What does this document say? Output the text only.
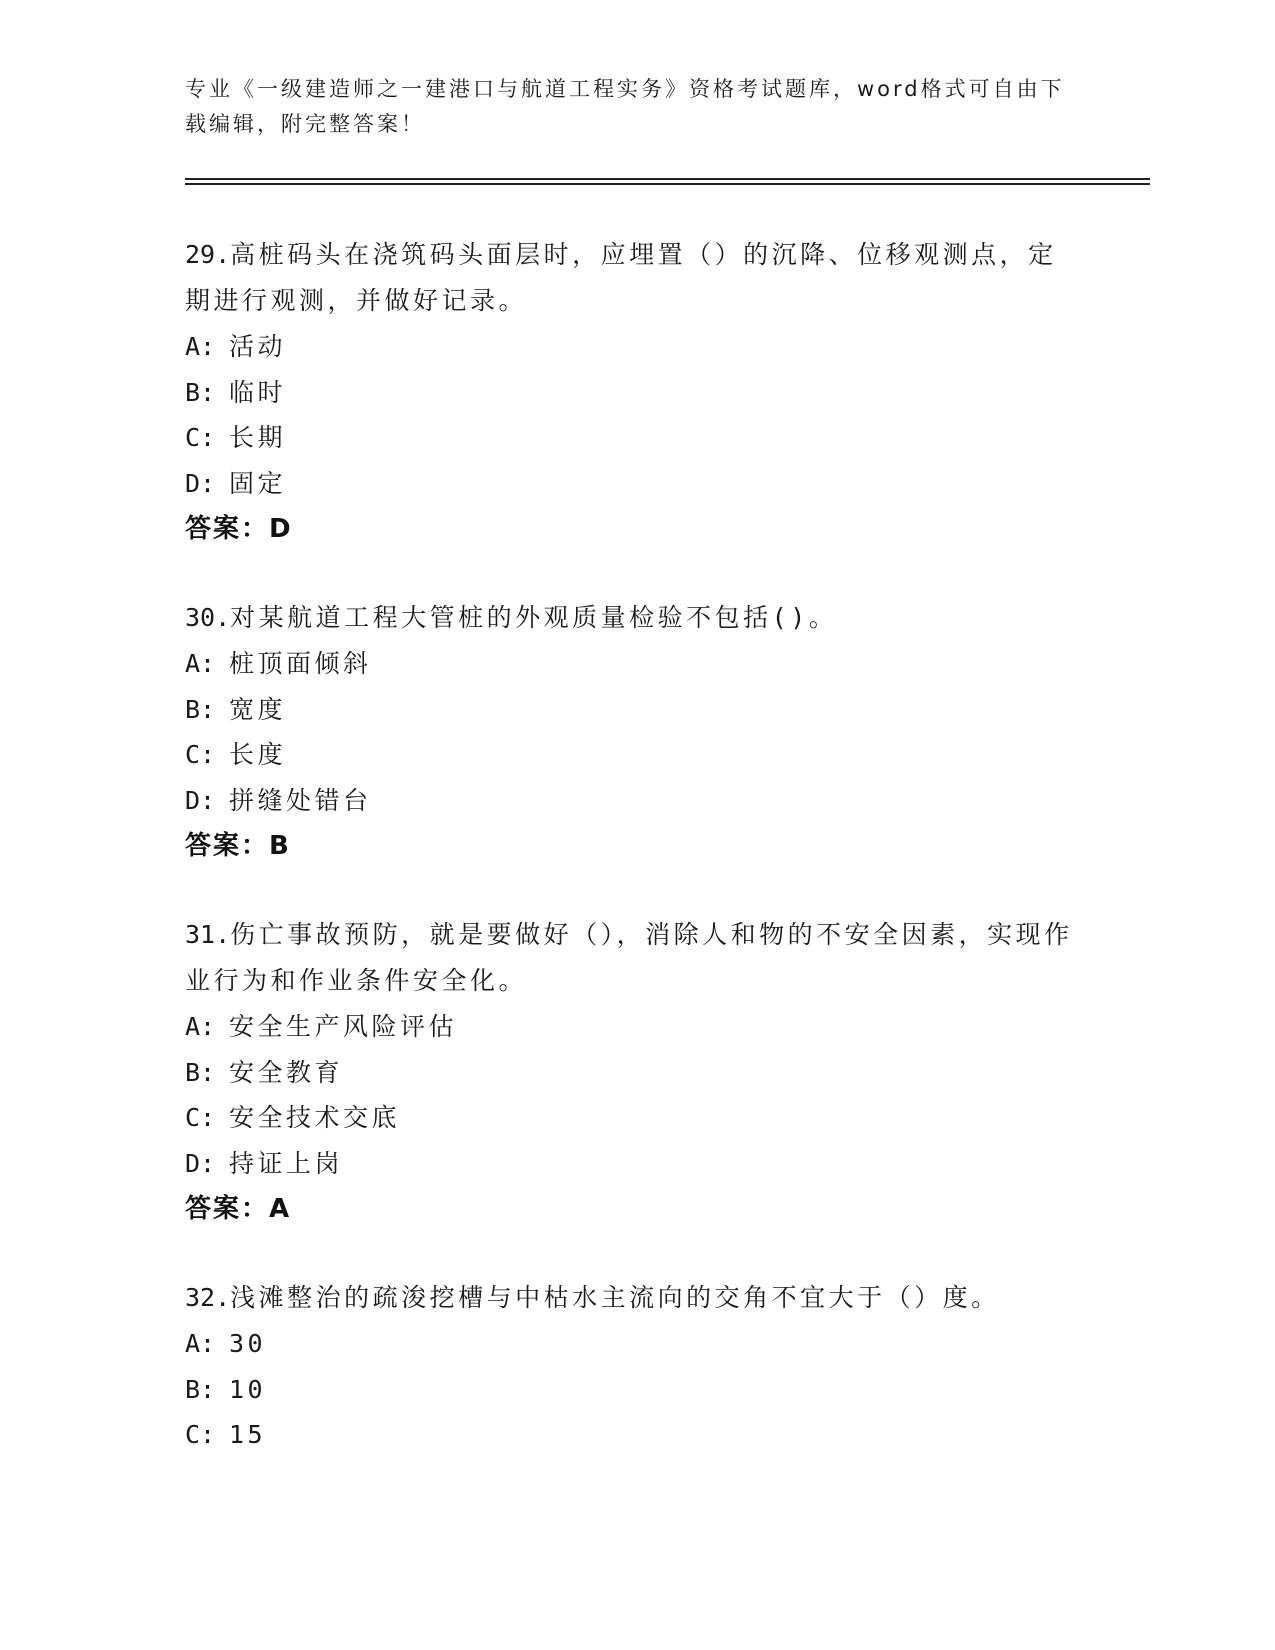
专业《一级建造师之一建港口与航道工程实务》资格考试题库，word格式可自由下载编辑，附完整答案！
29.高桩码头在浇筑码头面层时，应埋置（）的沉降、位移观测点，定期进行观测，并做好记录。
A: 活动
B: 临时
C: 长期
D: 固定
答案：D
30.对某航道工程大管桩的外观质量检验不包括()。
A: 桩顶面倾斜
B: 宽度
C: 长度
D: 拼缝处错台
答案：B
31.伤亡事故预防，就是要做好（），消除人和物的不安全因素，实现作业行为和作业条件安全化。
A: 安全生产风险评估
B: 安全教育
C: 安全技术交底
D: 持证上岗
答案：A
32.浅滩整治的疏浚挖槽与中枯水主流向的交角不宜大于（）度。
A: 30
B: 10
C: 15
